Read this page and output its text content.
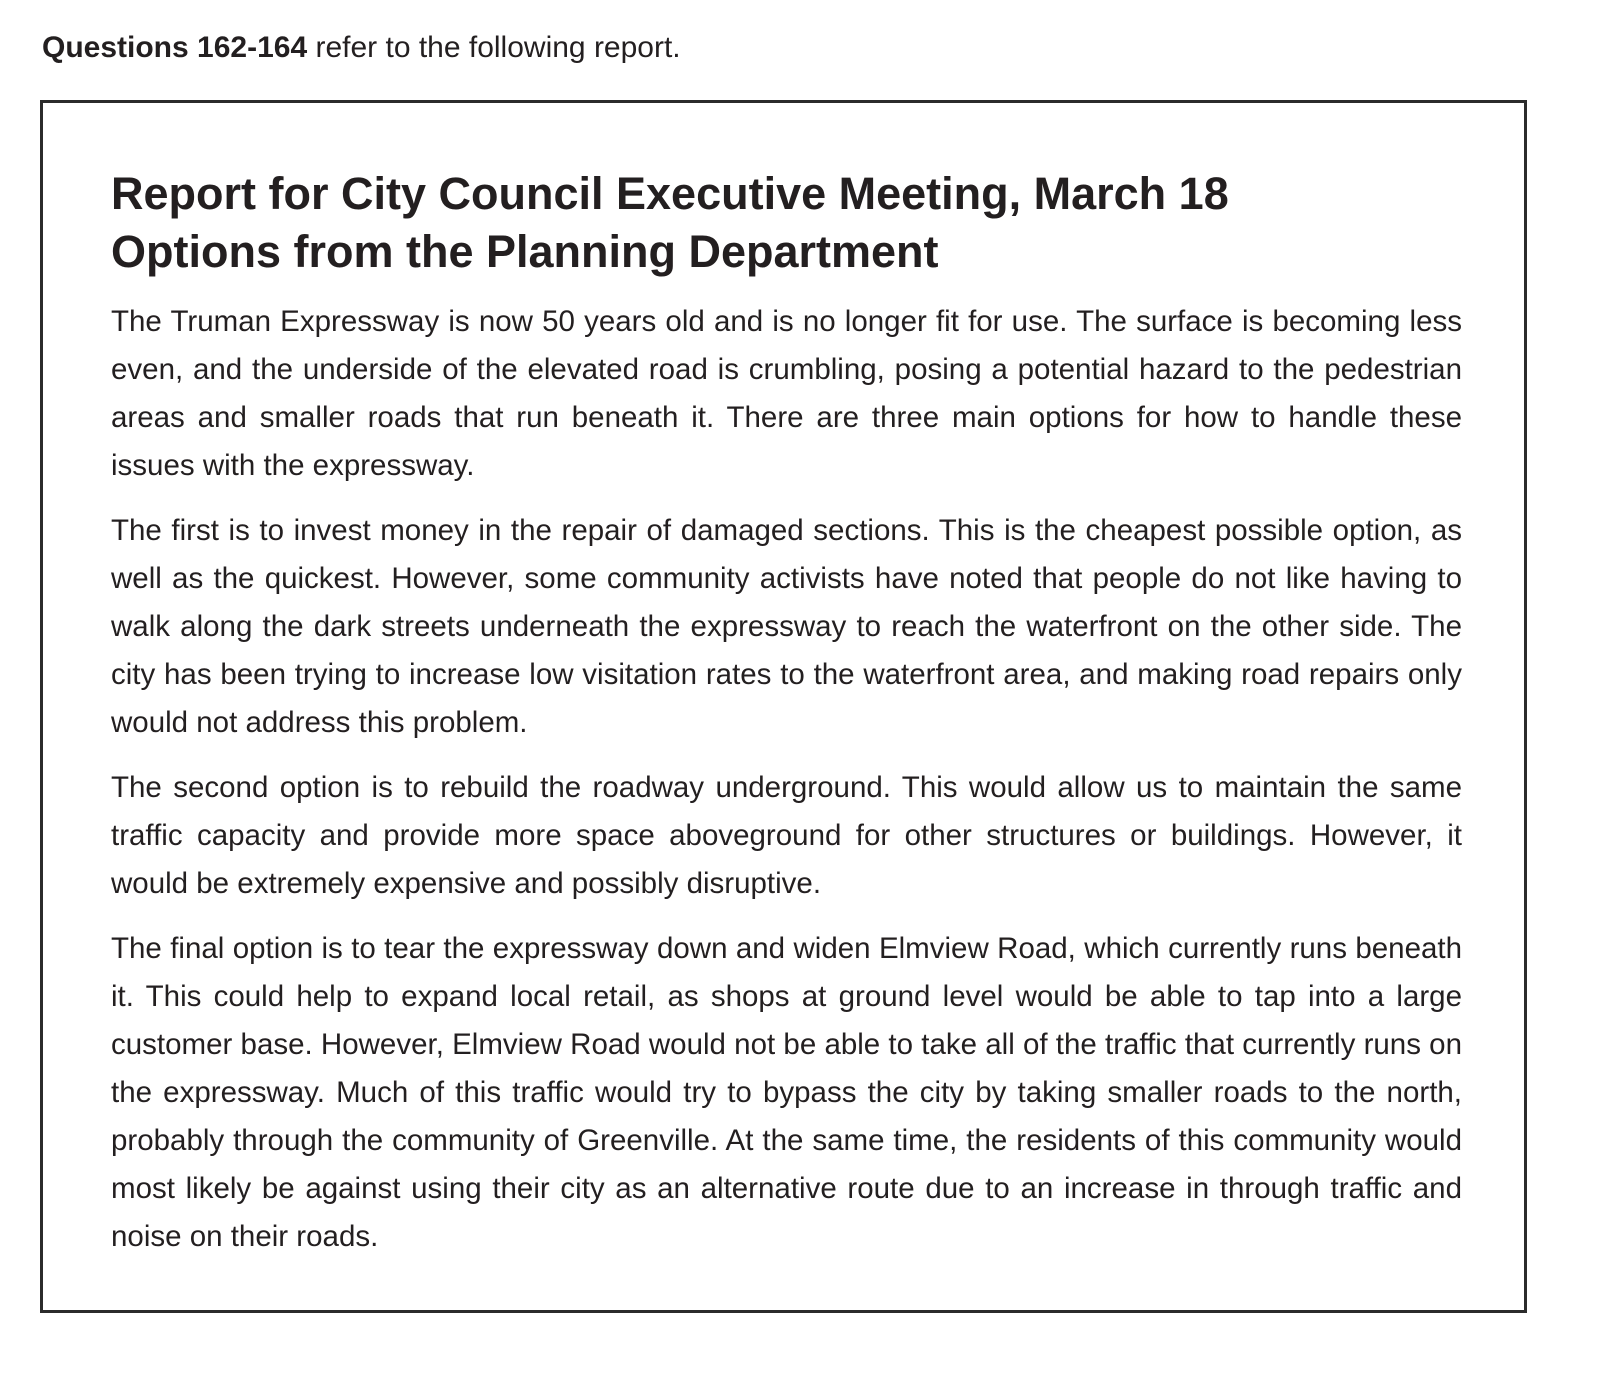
Questions 162-164 refer to the following report.
Report for City Council Executive Meeting, March 18
Options from the Planning Department

The Truman Expressway is now 50 years old and is no longer fit for use. The surface is becoming less even, and the underside of the elevated road is crumbling, posing a potential hazard to the pedestrian areas and smaller roads that run beneath it. There are three main options for how to handle these issues with the expressway.

The first is to invest money in the repair of damaged sections. This is the cheapest possible option, as well as the quickest. However, some community activists have noted that people do not like having to walk along the dark streets underneath the expressway to reach the waterfront on the other side. The city has been trying to increase low visitation rates to the waterfront area, and making road repairs only would not address this problem.

The second option is to rebuild the roadway underground. This would allow us to maintain the same traffic capacity and provide more space aboveground for other structures or buildings. However, it would be extremely expensive and possibly disruptive.

The final option is to tear the expressway down and widen Elmview Road, which currently runs beneath it. This could help to expand local retail, as shops at ground level would be able to tap into a large customer base. However, Elmview Road would not be able to take all of the traffic that currently runs on the expressway. Much of this traffic would try to bypass the city by taking smaller roads to the north, probably through the community of Greenville. At the same time, the residents of this community would most likely be against using their city as an alternative route due to an increase in through traffic and noise on their roads.
